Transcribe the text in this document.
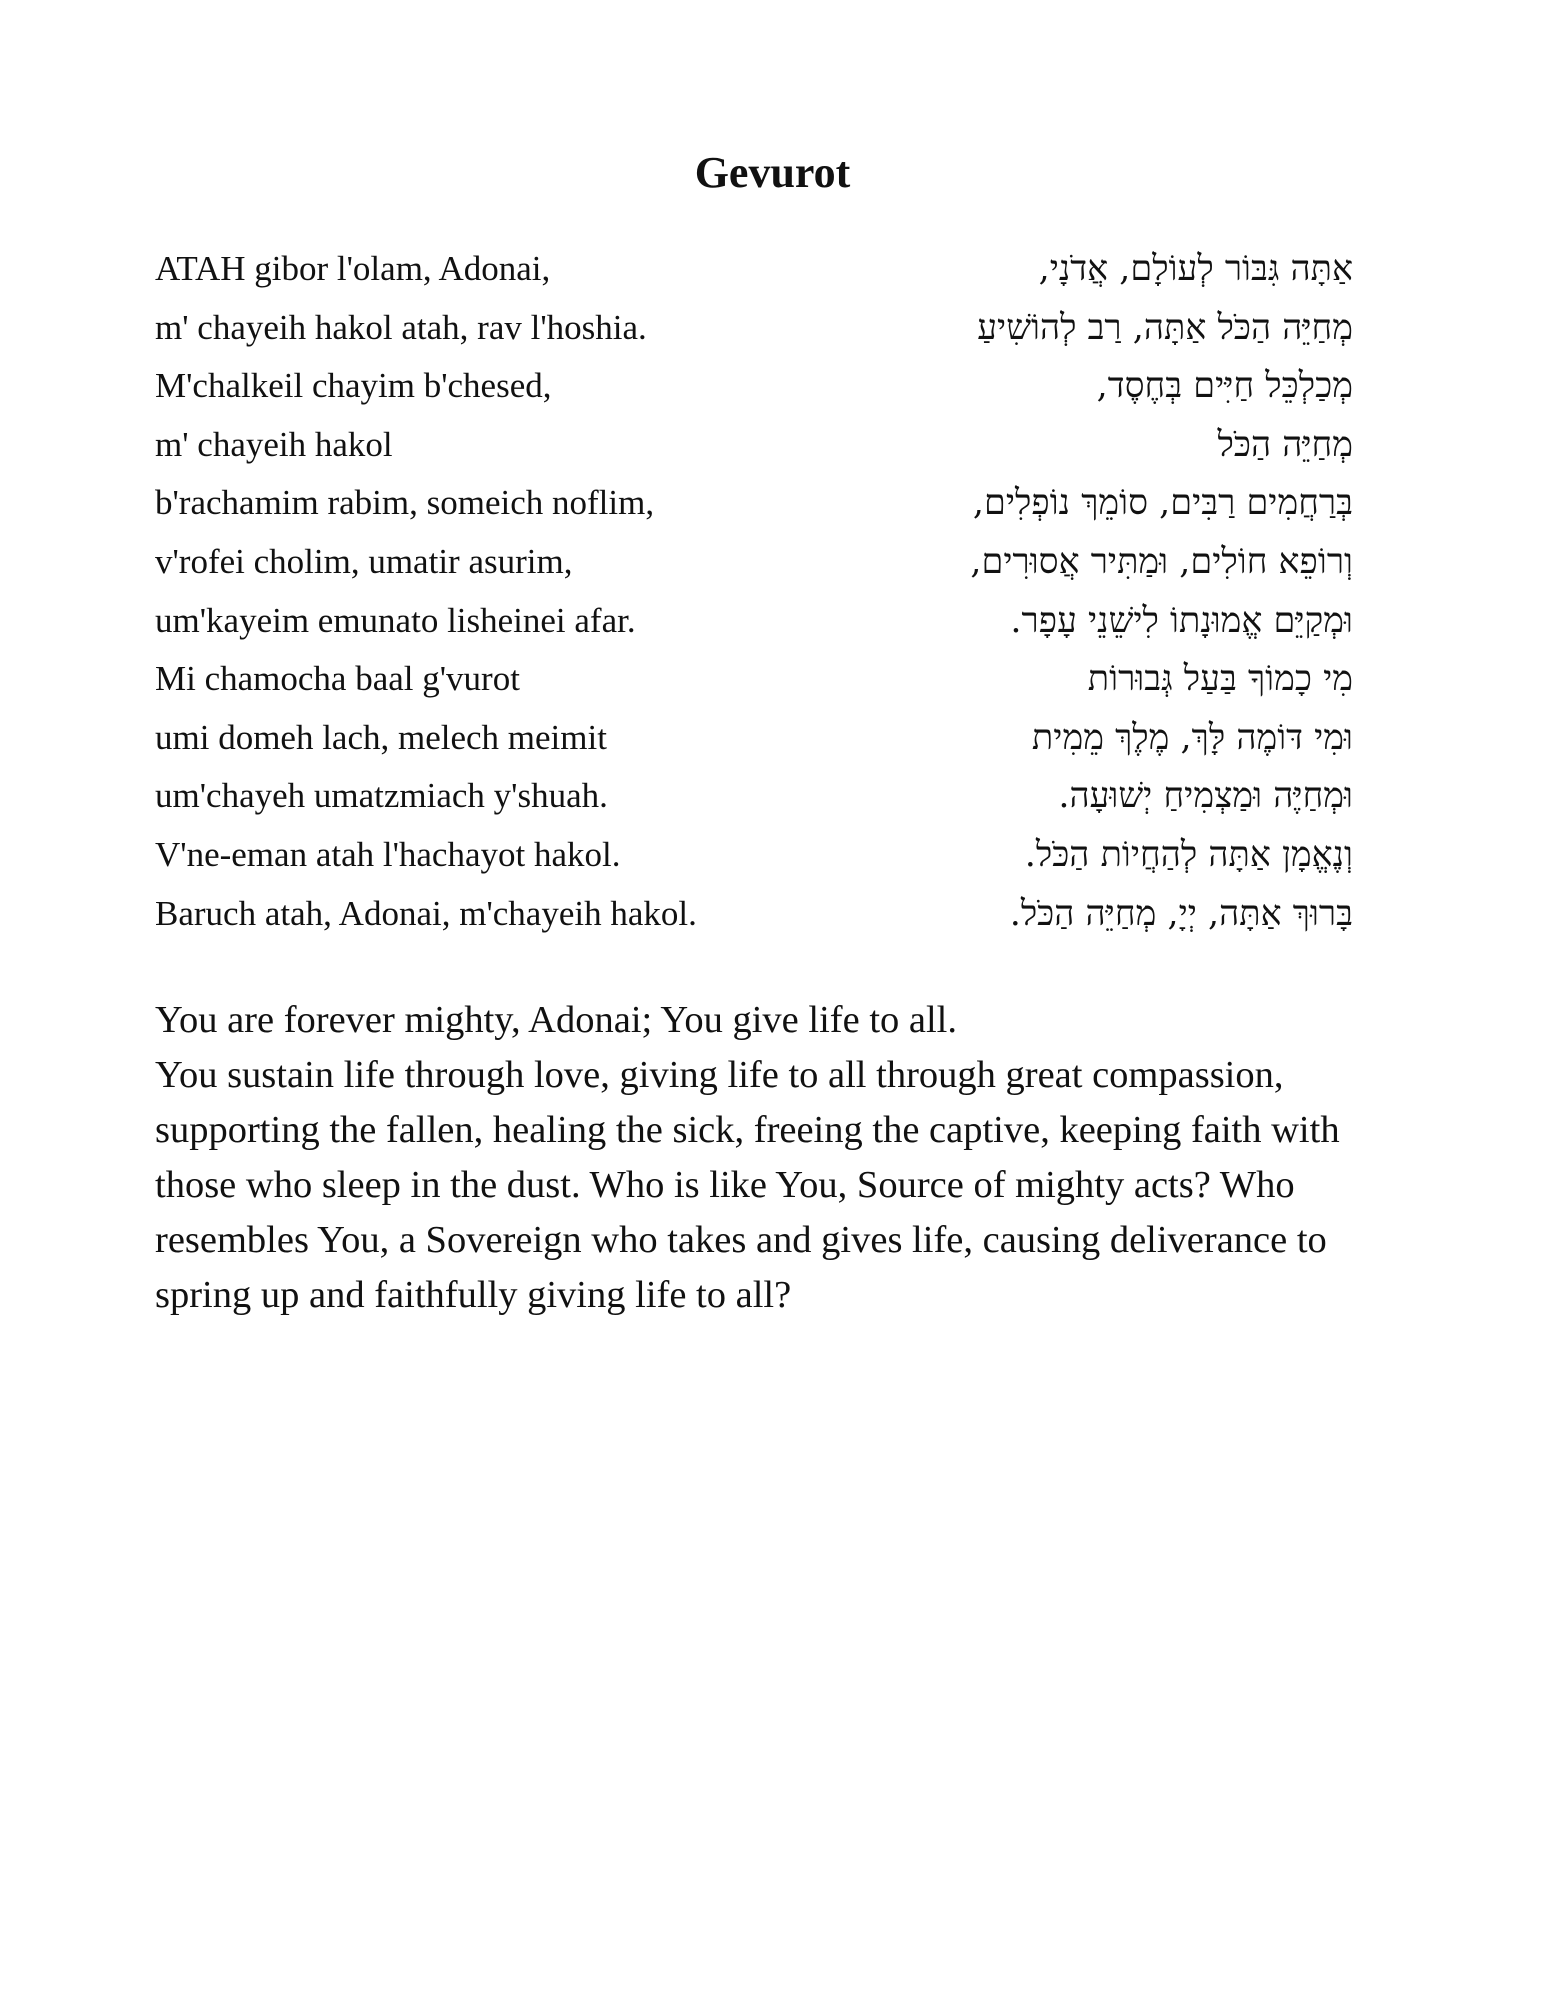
Gevurot
ATAH gibor l'olam, Adonai,	אַתָּה גִּבּוֹר לְעוֹלָם, אֲדֹנָי,
m' chayeih hakol atah, rav l'hoshia.	מְחַיֵּה הַכֹּל אַתָּה, רַב לְהוֹשִׁיעַ
M'chalkeil chayim b'chesed,	מְכַלְכֵּל חַיִּים בְּחֶסֶד,
m' chayeih hakol	מְחַיֵּה הַכֹּל
b'rachamim rabim, someich noflim,	בְּרַחֲמִים רַבִּים, סוֹמֵךְ נוֹפְלִים,
v'rofei cholim, umatir asurim,	וְרוֹפֵא חוֹלִים, וּמַתִּיר אֲסוּרִים,
um'kayeim emunato lisheinei afar.	וּמְקַיֵּם אֱמוּנָתוֹ לִישֵׁנֵי עָפָר.
Mi chamocha baal g'vurot	מִי כָמוֹךָ בַּעַל גְּבוּרוֹת
umi domeh lach, melech meimit	וּמִי דּוֹמֶה לָּךְ, מֶלֶךְ מֵמִית
um'chayeh umatzmiach y'shuah.	וּמְחַיֶּה וּמַצְמִיחַ יְשׁוּעָה.
V'ne-eman atah l'hachayot hakol.	וְנֶאֱמָן אַתָּה לְהַחֲיוֹת הַכֹּל.
Baruch atah, Adonai, m'chayeih hakol.	בָּרוּךְ אַתָּה, יְיָ, מְחַיֵּה הַכֹּל.

You are forever mighty, Adonai; You give life to all.

You sustain life through love, giving life to all through great compassion, supporting the fallen, healing the sick, freeing the captive, keeping faith with those who sleep in the dust. Who is like You, Source of mighty acts? Who resembles You, a Sovereign who takes and gives life, causing deliverance to spring up and faithfully giving life to all?
